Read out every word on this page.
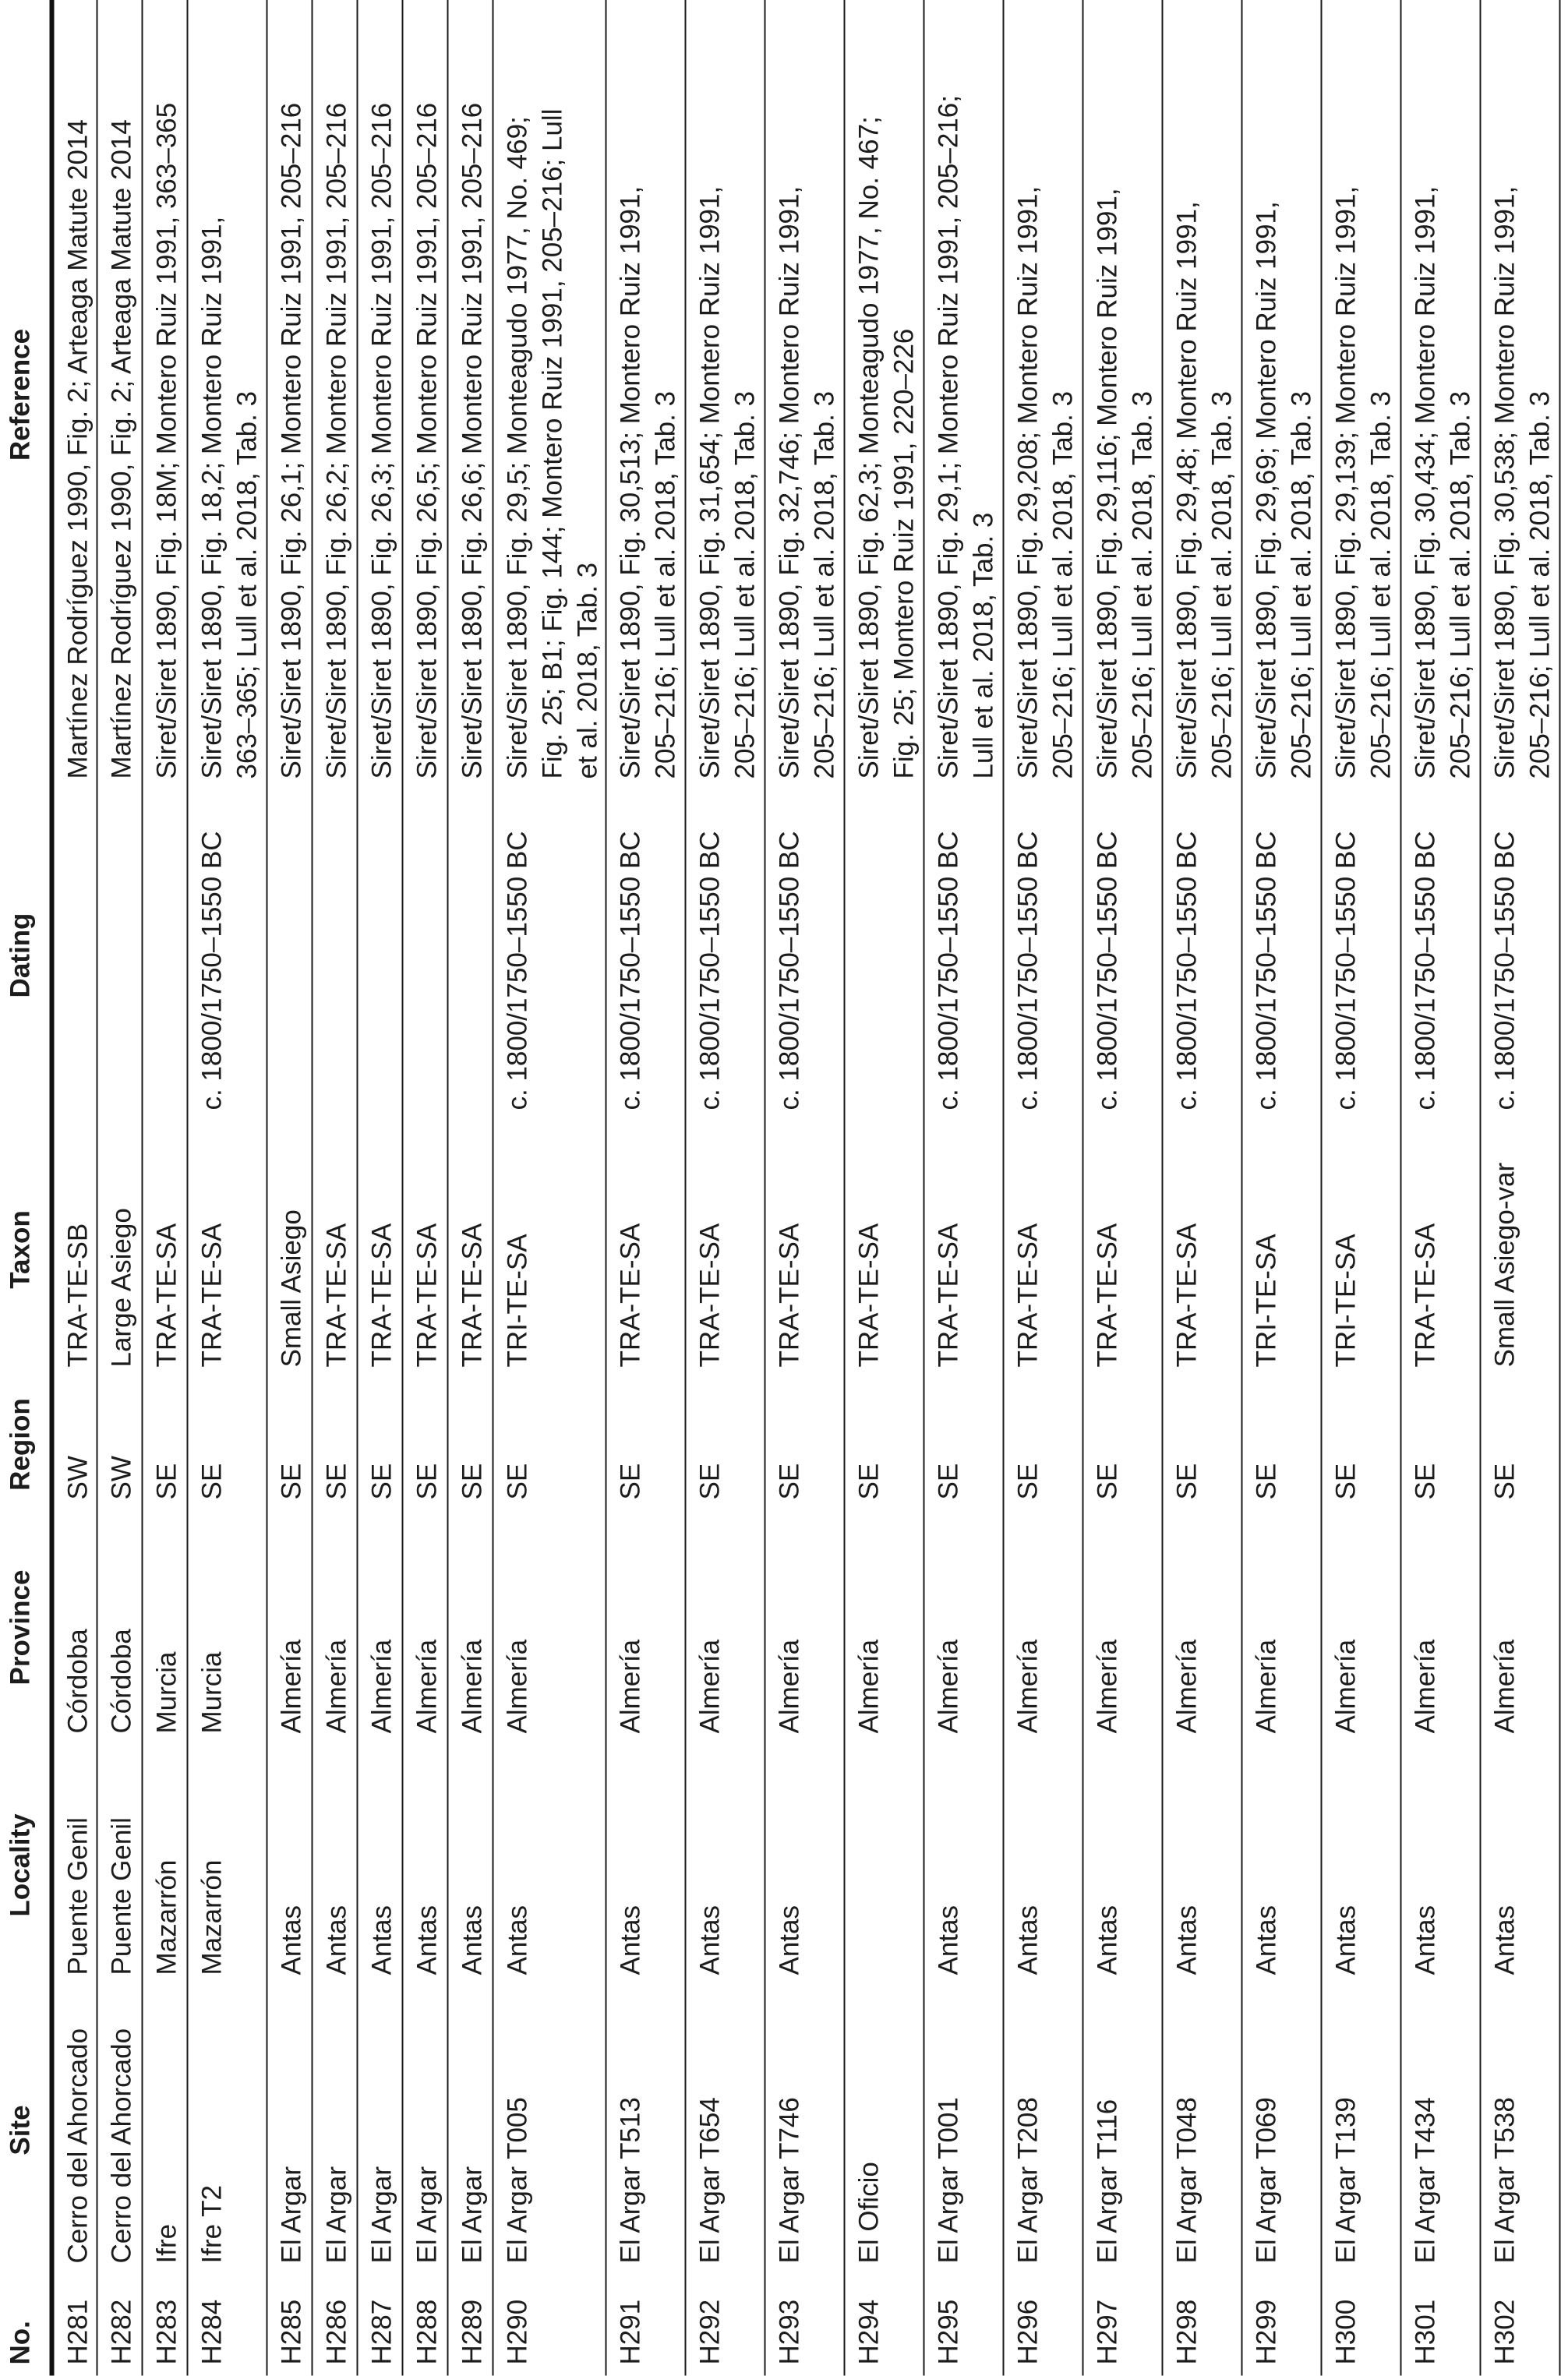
No.	Site	Locality	Province	Region	Taxon	Dating	Reference
H281	Cerro del Ahorcado	Puente Genil	Córdoba	SW	TRA-TE-SB		Martínez Rodríguez 1990, Fig. 2; Arteaga Matute 2014

H282	Cerro del Ahorcado	Puente Genil	Córdoba	SW	Large Asiego		Martínez Rodríguez 1990, Fig. 2; Arteaga Matute 2014

H283	Ifre	Mazarrón	Murcia	SE	TRA-TE-SA		Siret/Siret 1890, Fig. 18M; Montero Ruiz 1991, 363–365

H284	Ifre T2	Mazarrón	Murcia	SE	TRA-TE-SA	c. 1800/1750–1550 BC	Siret/Siret 1890, Fig. 18,2; Montero Ruiz 1991, 363–365; Lull et al. 2018, Tab. 3

H285	El Argar	Antas	Almería	SE	Small Asiego		Siret/Siret 1890, Fig. 26,1; Montero Ruiz 1991, 205–216

H286	El Argar	Antas	Almería	SE	TRA-TE-SA		Siret/Siret 1890, Fig. 26,2; Montero Ruiz 1991, 205–216

H287	El Argar	Antas	Almería	SE	TRA-TE-SA		Siret/Siret 1890, Fig. 26,3; Montero Ruiz 1991, 205–216

H288	El Argar	Antas	Almería	SE	TRA-TE-SA		Siret/Siret 1890, Fig. 26,5; Montero Ruiz 1991, 205–216

H289	El Argar	Antas	Almería	SE	TRA-TE-SA		Siret/Siret 1890, Fig. 26,6; Montero Ruiz 1991, 205–216

H290	El Argar T005	Antas	Almería	SE	TRI-TE-SA	c. 1800/1750–1550 BC	Siret/Siret 1890, Fig. 29,5; Monteagudo 1977, No. 469; Fig. 25; B1; Fig. 144; Montero Ruiz 1991, 205–216; Lull et al. 2018, Tab. 3

H291	El Argar T513	Antas	Almería	SE	TRA-TE-SA	c. 1800/1750–1550 BC	Siret/Siret 1890, Fig. 30,513; Montero Ruiz 1991, 205–216; Lull et al. 2018, Tab. 3

H292	El Argar T654	Antas	Almería	SE	TRA-TE-SA	c. 1800/1750–1550 BC	Siret/Siret 1890, Fig. 31,654; Montero Ruiz 1991, 205–216; Lull et al. 2018, Tab. 3

H293	El Argar T746	Antas	Almería	SE	TRA-TE-SA	c. 1800/1750–1550 BC	Siret/Siret 1890, Fig. 32,746; Montero Ruiz 1991, 205–216; Lull et al. 2018, Tab. 3

H294	El Oficio		Almería	SE	TRA-TE-SA		Siret/Siret 1890, Fig. 62,3; Monteagudo 1977, No. 467; Fig. 25; Montero Ruiz 1991, 220–226

H295	El Argar T001	Antas	Almería	SE	TRA-TE-SA	c. 1800/1750–1550 BC	Siret/Siret 1890, Fig. 29,1; Montero Ruiz 1991, 205–216; Lull et al. 2018, Tab. 3

H296	El Argar T208	Antas	Almería	SE	TRA-TE-SA	c. 1800/1750–1550 BC	Siret/Siret 1890, Fig. 29,208; Montero Ruiz 1991, 205–216; Lull et al. 2018, Tab. 3

H297	El Argar T116	Antas	Almería	SE	TRA-TE-SA	c. 1800/1750–1550 BC	Siret/Siret 1890, Fig. 29,116; Montero Ruiz 1991, 205–216; Lull et al. 2018, Tab. 3

H298	El Argar T048	Antas	Almería	SE	TRA-TE-SA	c. 1800/1750–1550 BC	Siret/Siret 1890, Fig. 29,48; Montero Ruiz 1991, 205–216; Lull et al. 2018, Tab. 3

H299	El Argar T069	Antas	Almería	SE	TRI-TE-SA	c. 1800/1750–1550 BC	Siret/Siret 1890, Fig. 29,69; Montero Ruiz 1991, 205–216; Lull et al. 2018, Tab. 3

H300	El Argar T139	Antas	Almería	SE	TRI-TE-SA	c. 1800/1750–1550 BC	Siret/Siret 1890, Fig. 29,139; Montero Ruiz 1991, 205–216; Lull et al. 2018, Tab. 3

H301	El Argar T434	Antas	Almería	SE	TRA-TE-SA	c. 1800/1750–1550 BC	Siret/Siret 1890, Fig. 30,434; Montero Ruiz 1991, 205–216; Lull et al. 2018, Tab. 3

H302	El Argar T538	Antas	Almería	SE	Small Asiego-var	c. 1800/1750–1550 BC	Siret/Siret 1890, Fig. 30,538; Montero Ruiz 1991, 205–216; Lull et al. 2018, Tab. 3
